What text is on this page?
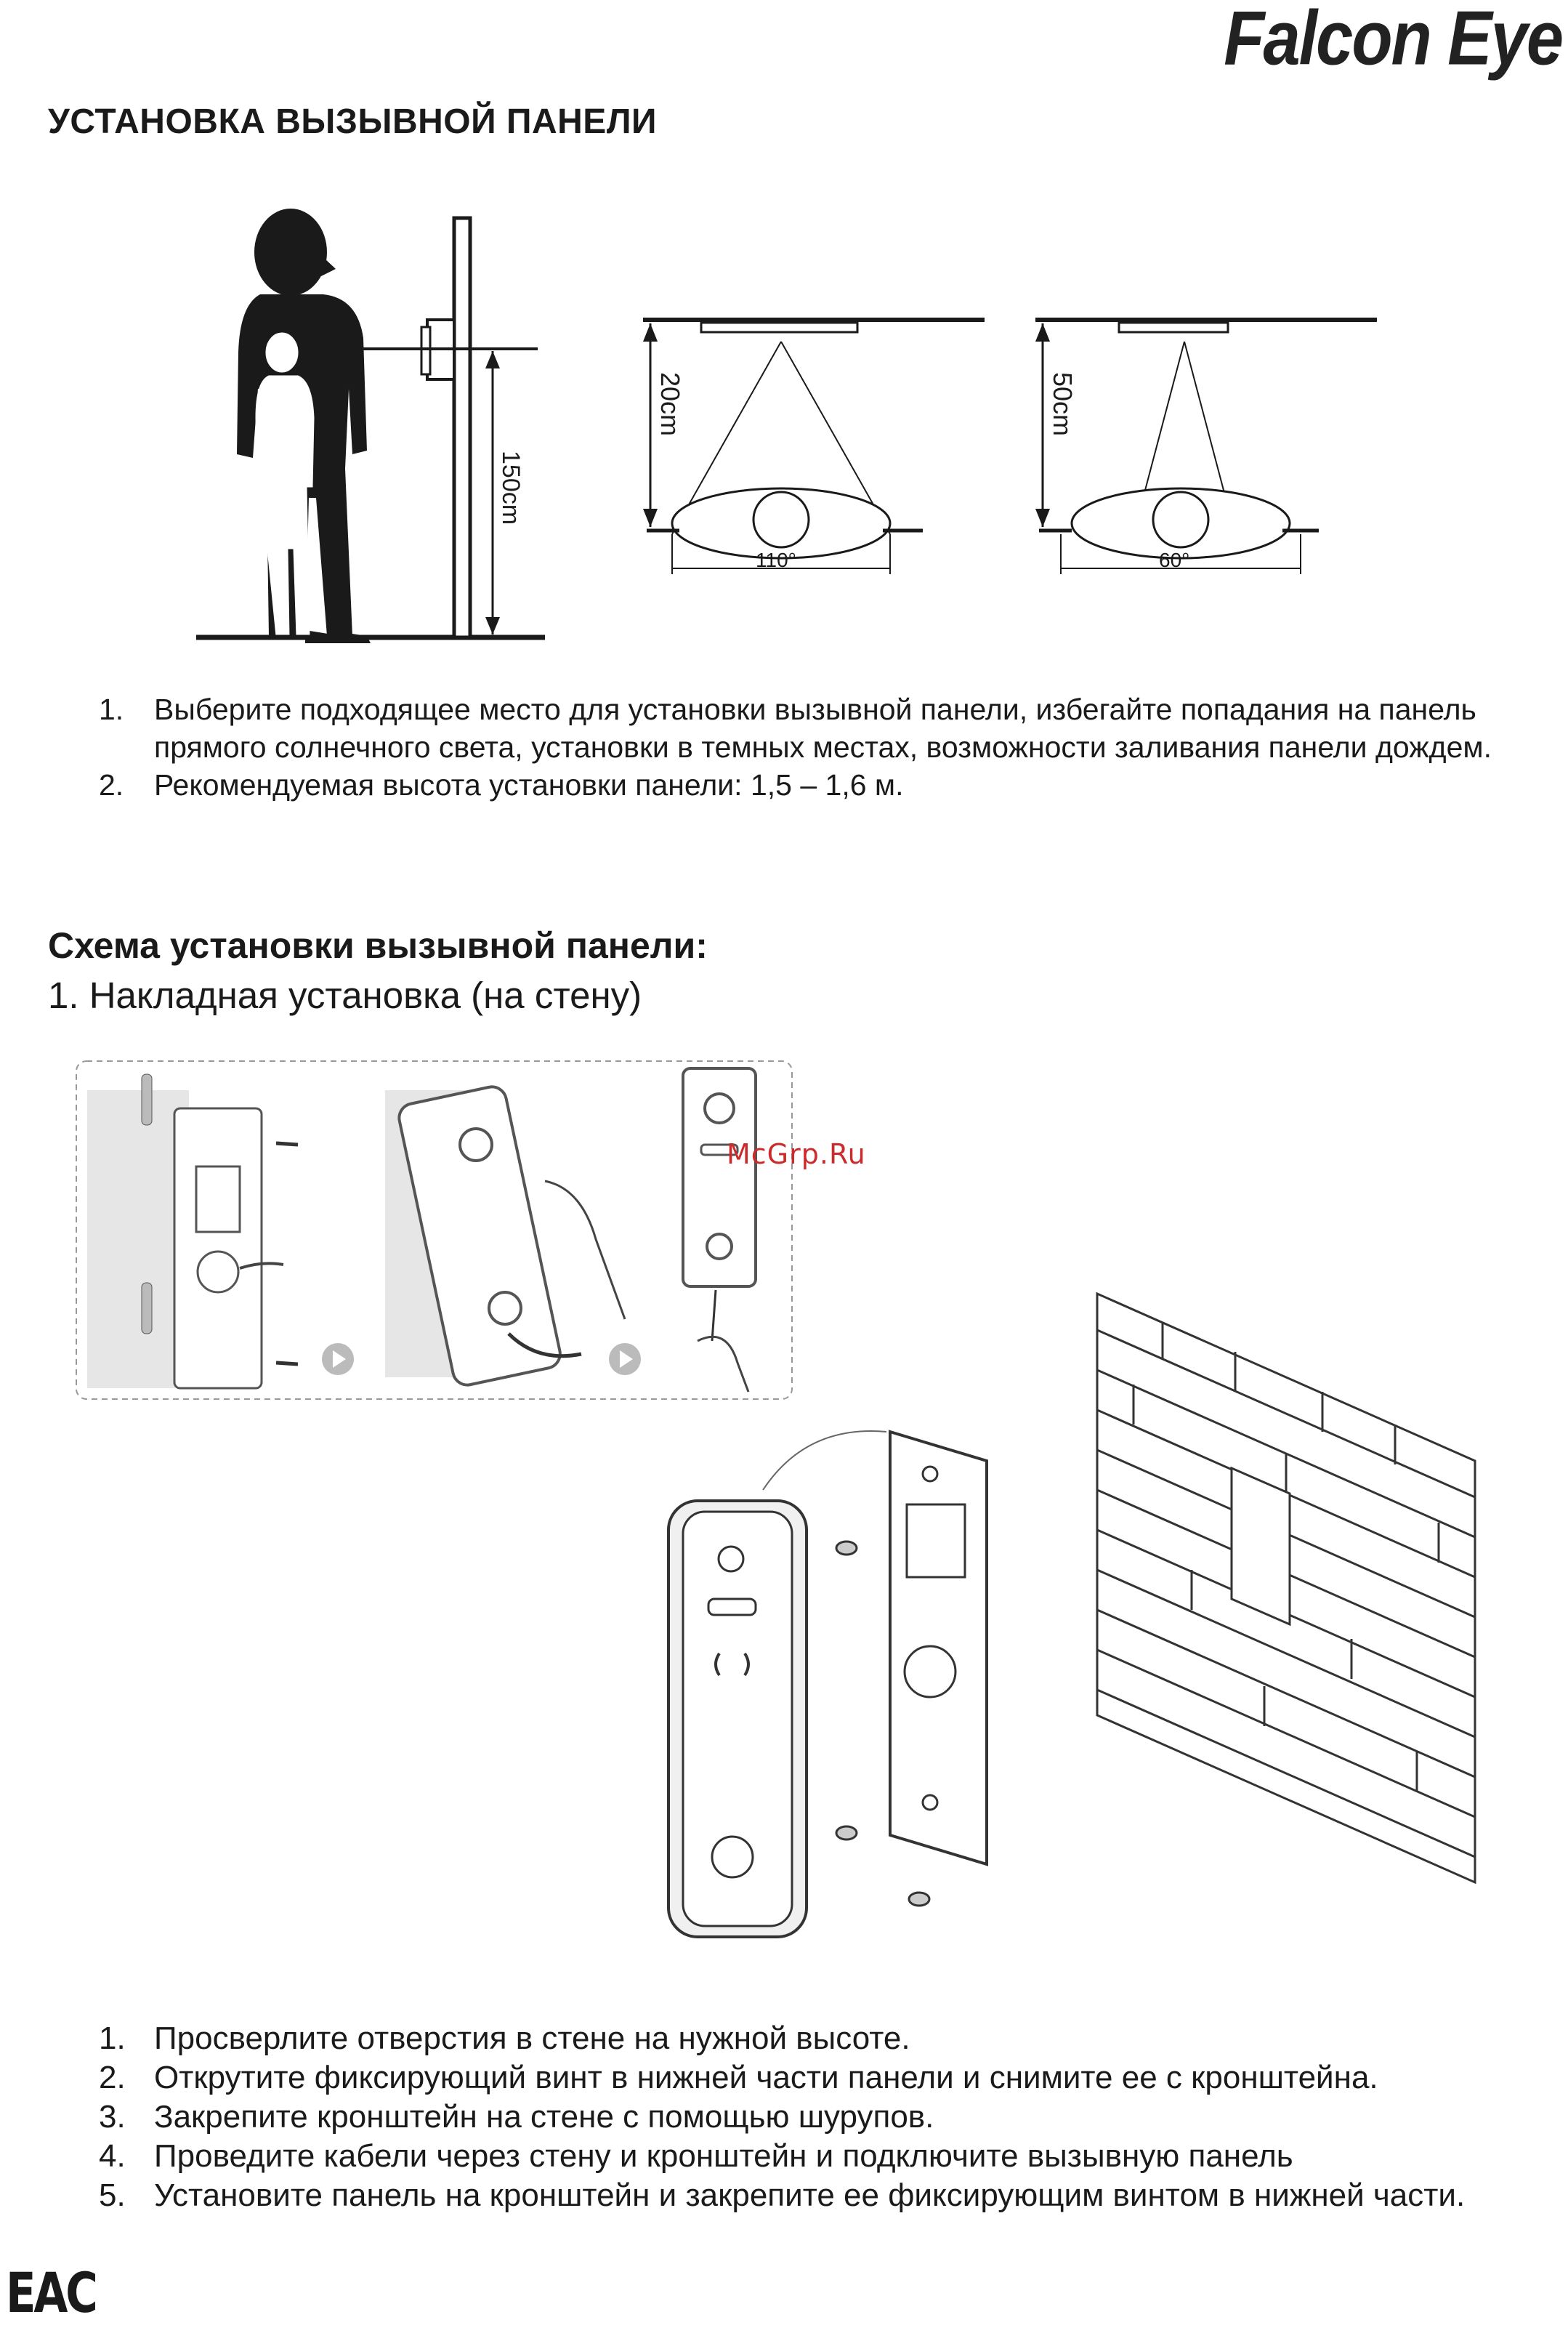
Falcon Eye
УСТАНОВКА ВЫЗЫВНОЙ ПАНЕЛИ
150cm
20cm
110°
50cm
60°
1. Выберите подходящее место для установки вызывной панели, избегайте попадания на панель прямого солнечного света, установки в темных местах, возможности заливания панели дождем.
2. Рекомендуемая высота установки панели: 1,5 – 1,6 м.
Схема установки вызывной панели:
1. Накладная установка (на стену)
McGrp.Ru
1. Просверлите отверстия в стене на нужной высоте.
2. Открутите фиксирующий винт в нижней части панели и снимите ее с кронштейна.
3. Закрепите кронштейн на стене с помощью шурупов.
4. Проведите кабели через стену и кронштейн и подключите вызывную панель
5. Установите панель на кронштейн и закрепите ее фиксирующим винтом в нижней части.
EAC
